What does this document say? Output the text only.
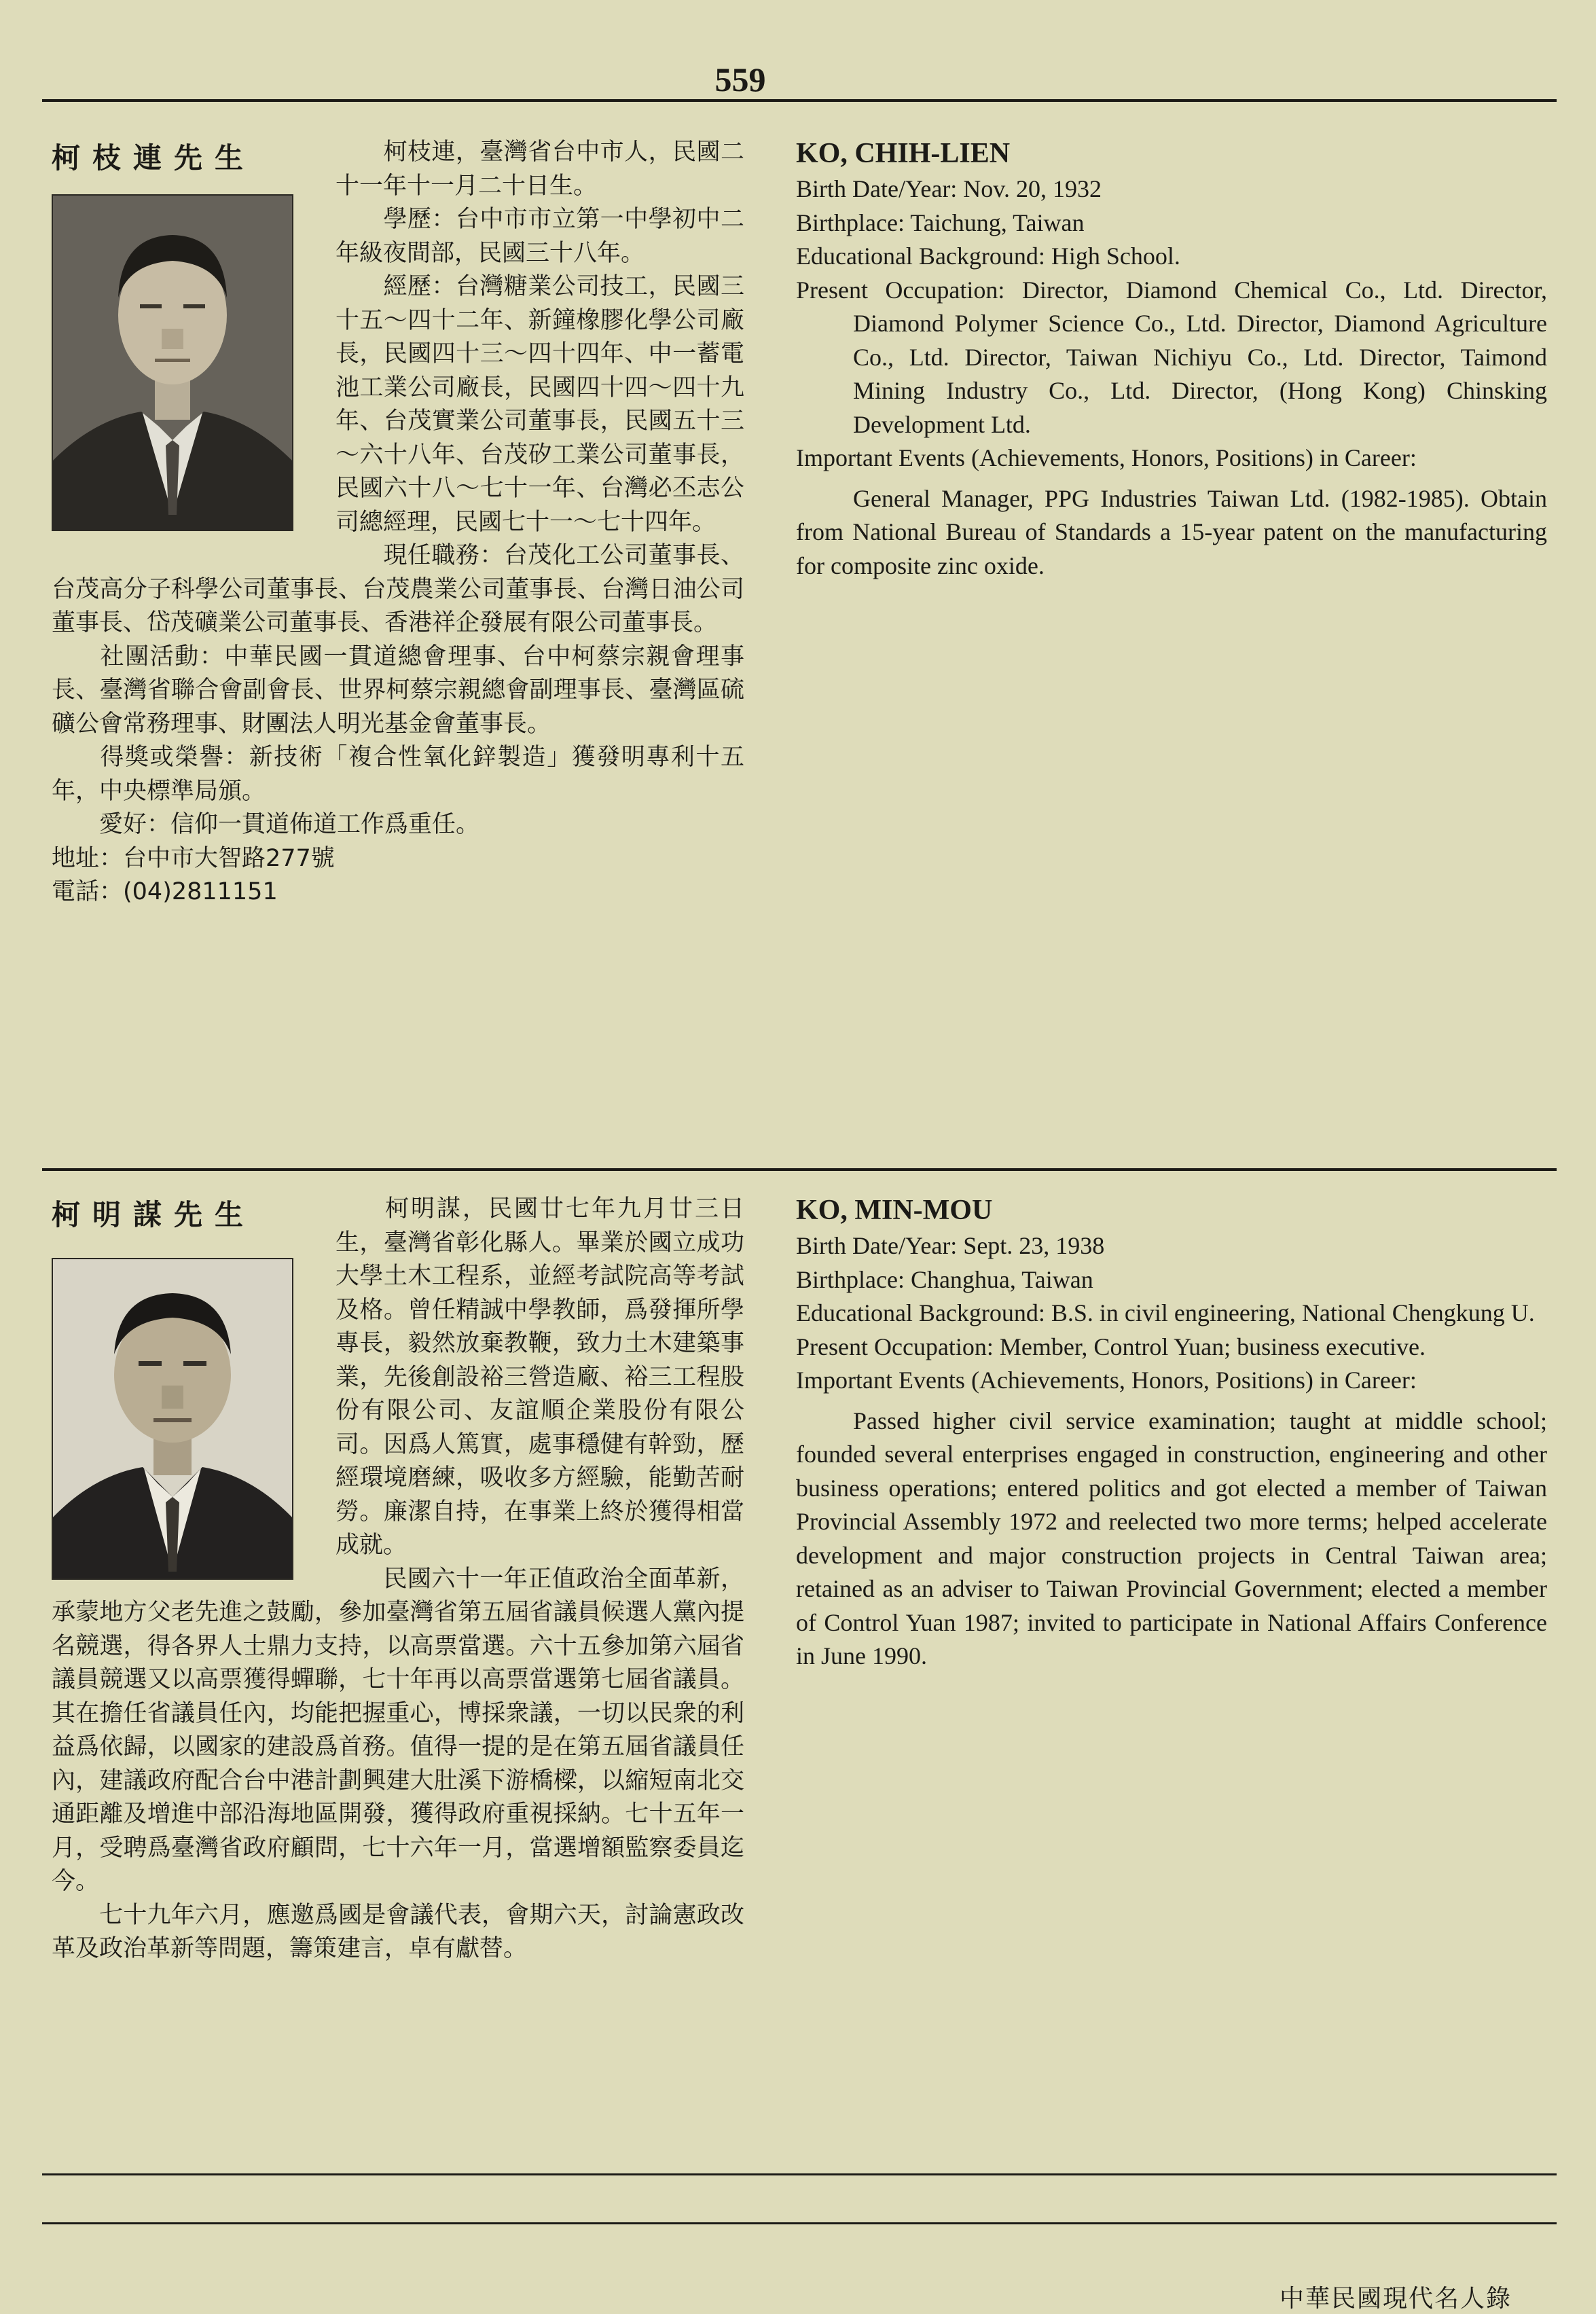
559
柯枝連先生	柯枝連，臺灣省台中市人，民國二十一年十一月二十日生。

學歷：台中市市立第一中學初中二年級夜間部，民國三十八年。

經歷：台灣糖業公司技工，民國三十五～四十二年、新鐘橡膠化學公司廠長，民國四十三～四十四年、中一蓄電池工業公司廠長，民國四十四～四十九年、台茂實業公司董事長，民國五十三～六十八年、台茂矽工業公司董事長，民國六十八～七十一年、台灣必丕志公司總經理，民國七十一～七十四年。

現任職務：台茂化工公司董事長、台茂高分子科學公司董事長、台茂農業公司董事長、台灣日油公司董事長、岱茂礦業公司董事長、香港祥企發展有限公司董事長。

社團活動：中華民國一貫道總會理事、台中柯蔡宗親會理事長、臺灣省聯合會副會長、世界柯蔡宗親總會副理事長、臺灣區硫礦公會常務理事、財團法人明光基金會董事長。

得獎或榮譽：新技術「複合性氧化鋅製造」獲發明專利十五年，中央標準局頒。

愛好：信仰一貫道佈道工作爲重任。

地址：台中市大智路277號

電話：(04)2811151

KO, CHIH-LIEN

Birth Date/Year: Nov. 20, 1932

Birthplace: Taichung, Taiwan

Educational Background: High School.

Present Occupation: Director, Diamond Chemical Co., Ltd. Director, Diamond Polymer Science Co., Ltd. Director, Diamond Agriculture Co., Ltd. Director, Taiwan Nichiyu Co., Ltd. Director, Taimond Mining Industry Co., Ltd. Director, (Hong Kong) Chinsking Development Ltd.

Important Events (Achievements, Honors, Positions) in Career:

General Manager, PPG Industries Taiwan Ltd. (1982-1985). Obtain from National Bureau of Standards a 15-year patent on the manufacturing for composite zinc oxide.

柯明謀先生	柯明謀，民國廿七年九月廿三日生，臺灣省彰化縣人。畢業於國立成功大學土木工程系，並經考試院高等考試及格。曾任精誠中學教師，爲發揮所學專長，毅然放棄教鞭，致力土木建築事業，先後創設裕三營造廠、裕三工程股份有限公司、友誼順企業股份有限公司。因爲人篤實，處事穩健有幹勁，歷經環境磨練，吸收多方經驗，能勤苦耐勞。廉潔自持，在事業上終於獲得相當成就。

民國六十一年正值政治全面革新，承蒙地方父老先進之鼓勵，參加臺灣省第五屆省議員候選人黨內提名競選，得各界人士鼎力支持，以高票當選。六十五參加第六屆省議員競選又以高票獲得蟬聯，七十年再以高票當選第七屆省議員。其在擔任省議員任內，均能把握重心，博採衆議，一切以民衆的利益爲依歸，以國家的建設爲首務。值得一提的是在第五屆省議員任內，建議政府配合台中港計劃興建大肚溪下游橋樑，以縮短南北交通距離及增進中部沿海地區開發，獲得政府重視採納。七十五年一月，受聘爲臺灣省政府顧問，七十六年一月，當選增額監察委員迄今。

七十九年六月，應邀爲國是會議代表，會期六天，討論憲政改革及政治革新等問題，籌策建言，卓有獻替。

KO, MIN-MOU

Birth Date/Year: Sept. 23, 1938

Birthplace: Changhua, Taiwan

Educational Background: B.S. in civil engineering, National Chengkung U.

Present Occupation: Member, Control Yuan; business executive.

Important Events (Achievements, Honors, Positions) in Career:

Passed higher civil service examination; taught at middle school; founded several enterprises engaged in construction, engineering and other business operations; entered politics and got elected a member of Taiwan Provincial Assembly 1972 and reelected two more terms; helped accelerate development and major construction projects in Central Taiwan area; retained as an adviser to Taiwan Provincial Government; elected a member of Control Yuan 1987; invited to participate in National Affairs Conference in June 1990.

中華民國現代名人錄
